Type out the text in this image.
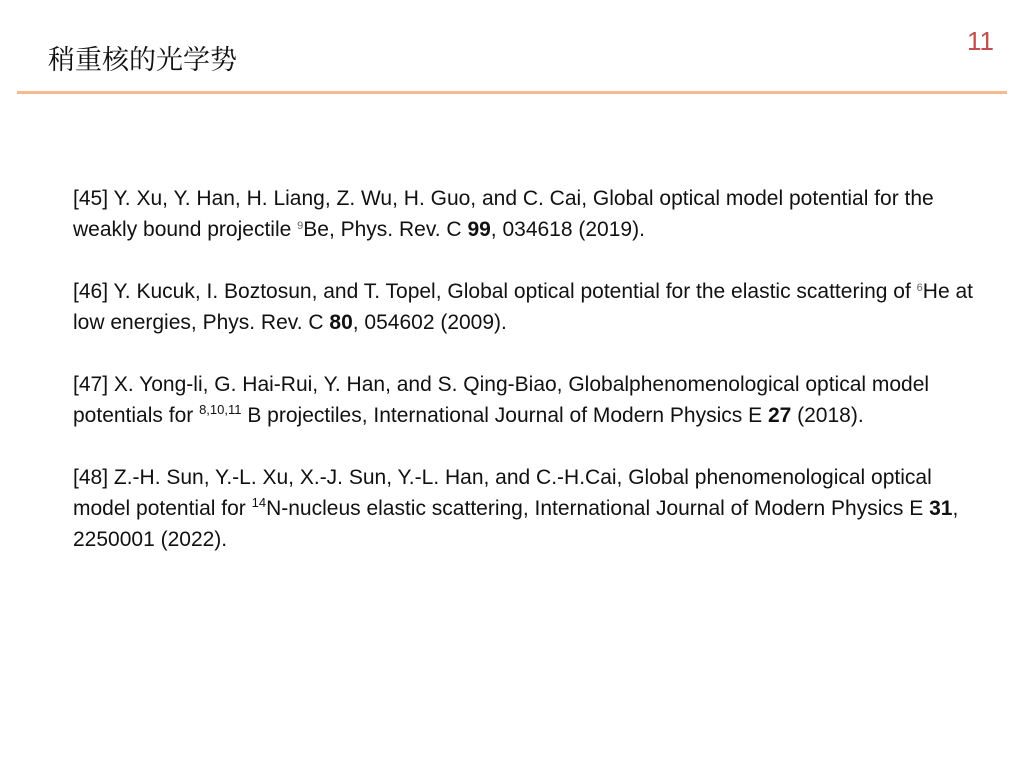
稍重核的光学势
11
[45] Y. Xu, Y. Han, H. Liang, Z. Wu, H. Guo, and C. Cai, Global optical model potential for the weakly bound projectile $^9$Be, Phys. Rev. C 99, 034618 (2019).
[46] Y. Kucuk, I. Boztosun, and T. Topel, Global optical potential for the elastic scattering of $^6$He at low energies, Phys. Rev. C 80, 054602 (2009).
[47] X. Yong-li, G. Hai-Rui, Y. Han, and S. Qing-Biao, Globalphenomenological optical model potentials for $^{8,10,11}$ B projectiles, International Journal of Modern Physics E 27 (2018).
[48] Z.-H. Sun, Y.-L. Xu, X.-J. Sun, Y.-L. Han, and C.-H.Cai, Global phenomenological optical model potential for $^{14}$N-nucleus elastic scattering, International Journal of Modern Physics E 31, 2250001 (2022).
